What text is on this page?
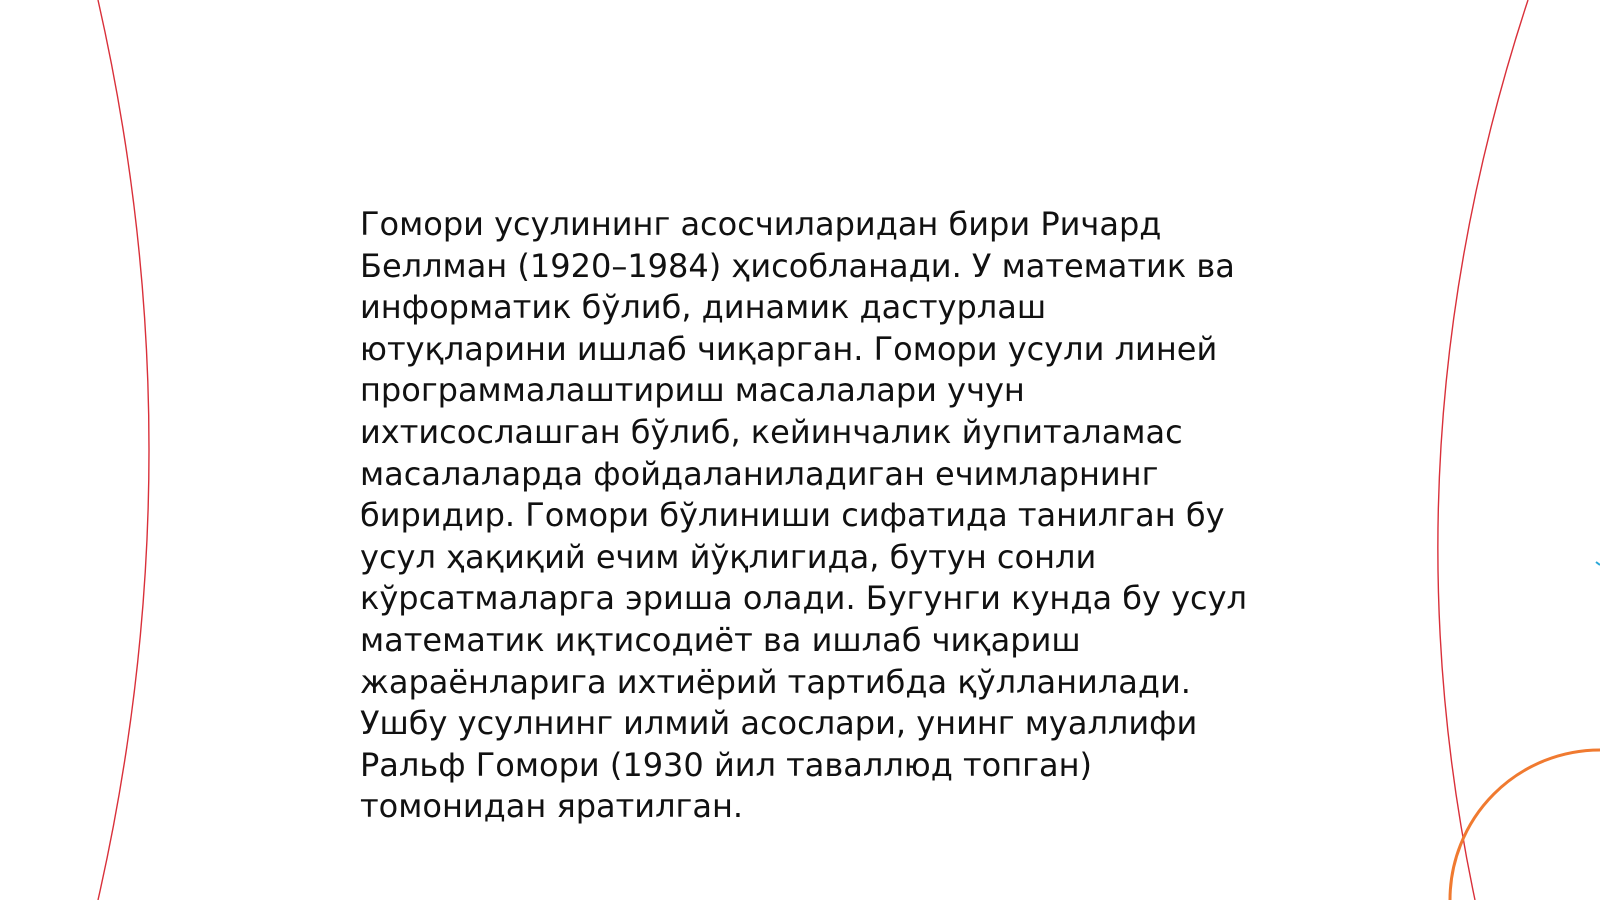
Гомори усулининг асосчиларидан бири Ричард
Беллман (1920–1984) ҳисобланади. У математик ва
информатик бўлиб, динамик дастурлаш
ютуқларини ишлаб чиқарган. Гомори усули линей
программалаштириш масалалари учун
ихтисослашган бўлиб, кейинчалик йупиталамас
масалаларда фойдаланиладиган ечимларнинг
биридир. Гомори бўлиниши сифатида танилган бу
усул ҳақиқий ечим йўқлигида, бутун сонли
кўрсатмаларга эриша олади. Бугунги кунда бу усул
математик иқтисодиёт ва ишлаб чиқариш
жараёнларига ихтиёрий тартибда қўлланилади.
Ушбу усулнинг илмий асослари, унинг муаллифи
Ральф Гомори (1930 йил таваллюд топган)
томонидан яратилган.
